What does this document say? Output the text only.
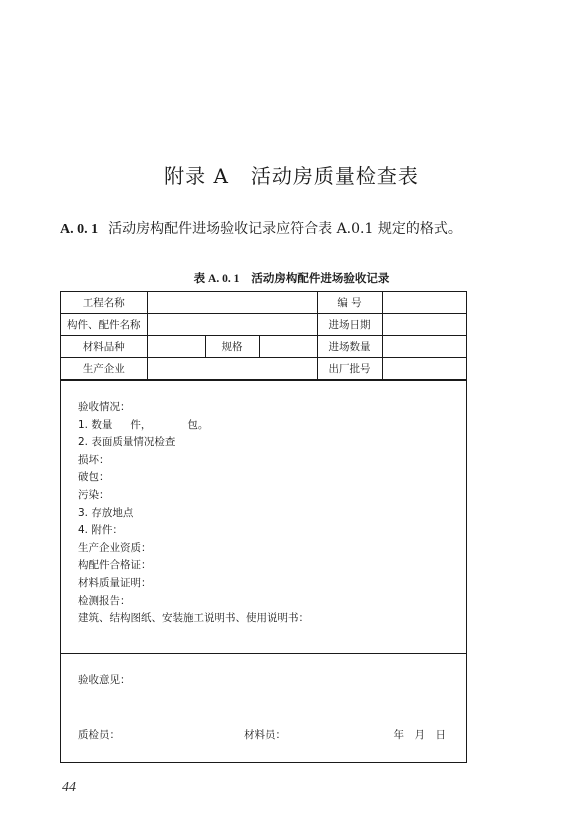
附录 A 活动房质量检查表
A. 0. 1 活动房构配件进场验收记录应符合表 A.0.1 规定的格式。
表 A. 0. 1 活动房构配件进场验收记录
工程名称				编 号	
构件、配件名称				进场日期	
材料品种		规格		进场数量	
生产企业				出厂批号	
验收情况：
1. 数量 件，	包。
2. 表面质量情况检查
损坏：
破包：
污染：
3. 存放地点
4. 附件：
生产企业资质：
构配件合格证：
材料质量证明：
检测报告：
建筑、结构图纸、安装施工说明书、使用说明书：
验收意见：
质检员：	材料员：	年　月　日
44
